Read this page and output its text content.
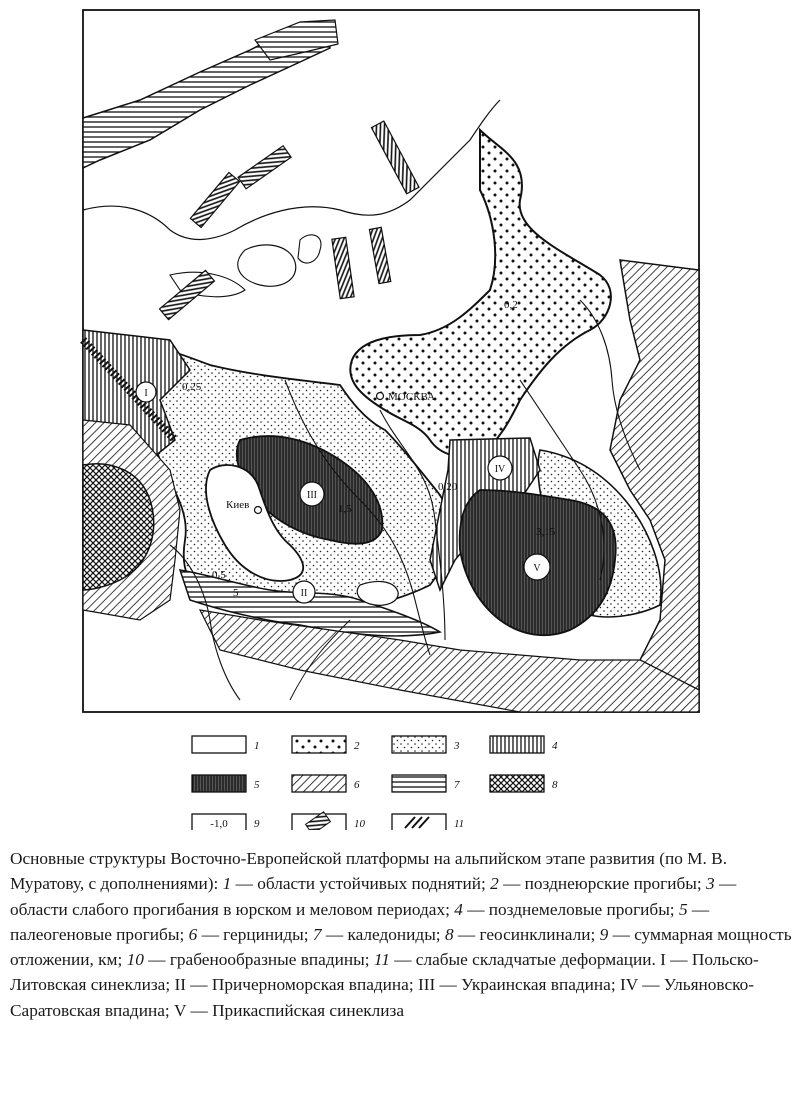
МОСКВА
Киев
0,2
0,25
0,20
1,5
3,15
0,5
5
I
II
III
IV
V
1	2	3	4
5	6	7	8
-1,0 9	10	11
Основные структуры Восточно-Европейской платформы на альпийском этапе развития (по М. В. Муратову, с дополнениями): 1 — области устойчивых поднятий; 2 — позднеюрские прогибы; 3 — области слабого прогибания в юрском и меловом периодах; 4 — позднемеловые прогибы; 5 — палеогеновые прогибы; 6 — герциниды; 7 — каледониды; 8 — геосинклинали; 9 — суммарная мощность отложении, км; 10 — грабенообразные впадины; 11 — слабые складчатые деформации. I — Польско-Литовская синеклиза; II — Причерноморская впадина; III — Украинская впадина; IV — Ульяновско-Саратовская впадина; V — Прикаспийская синеклиза
